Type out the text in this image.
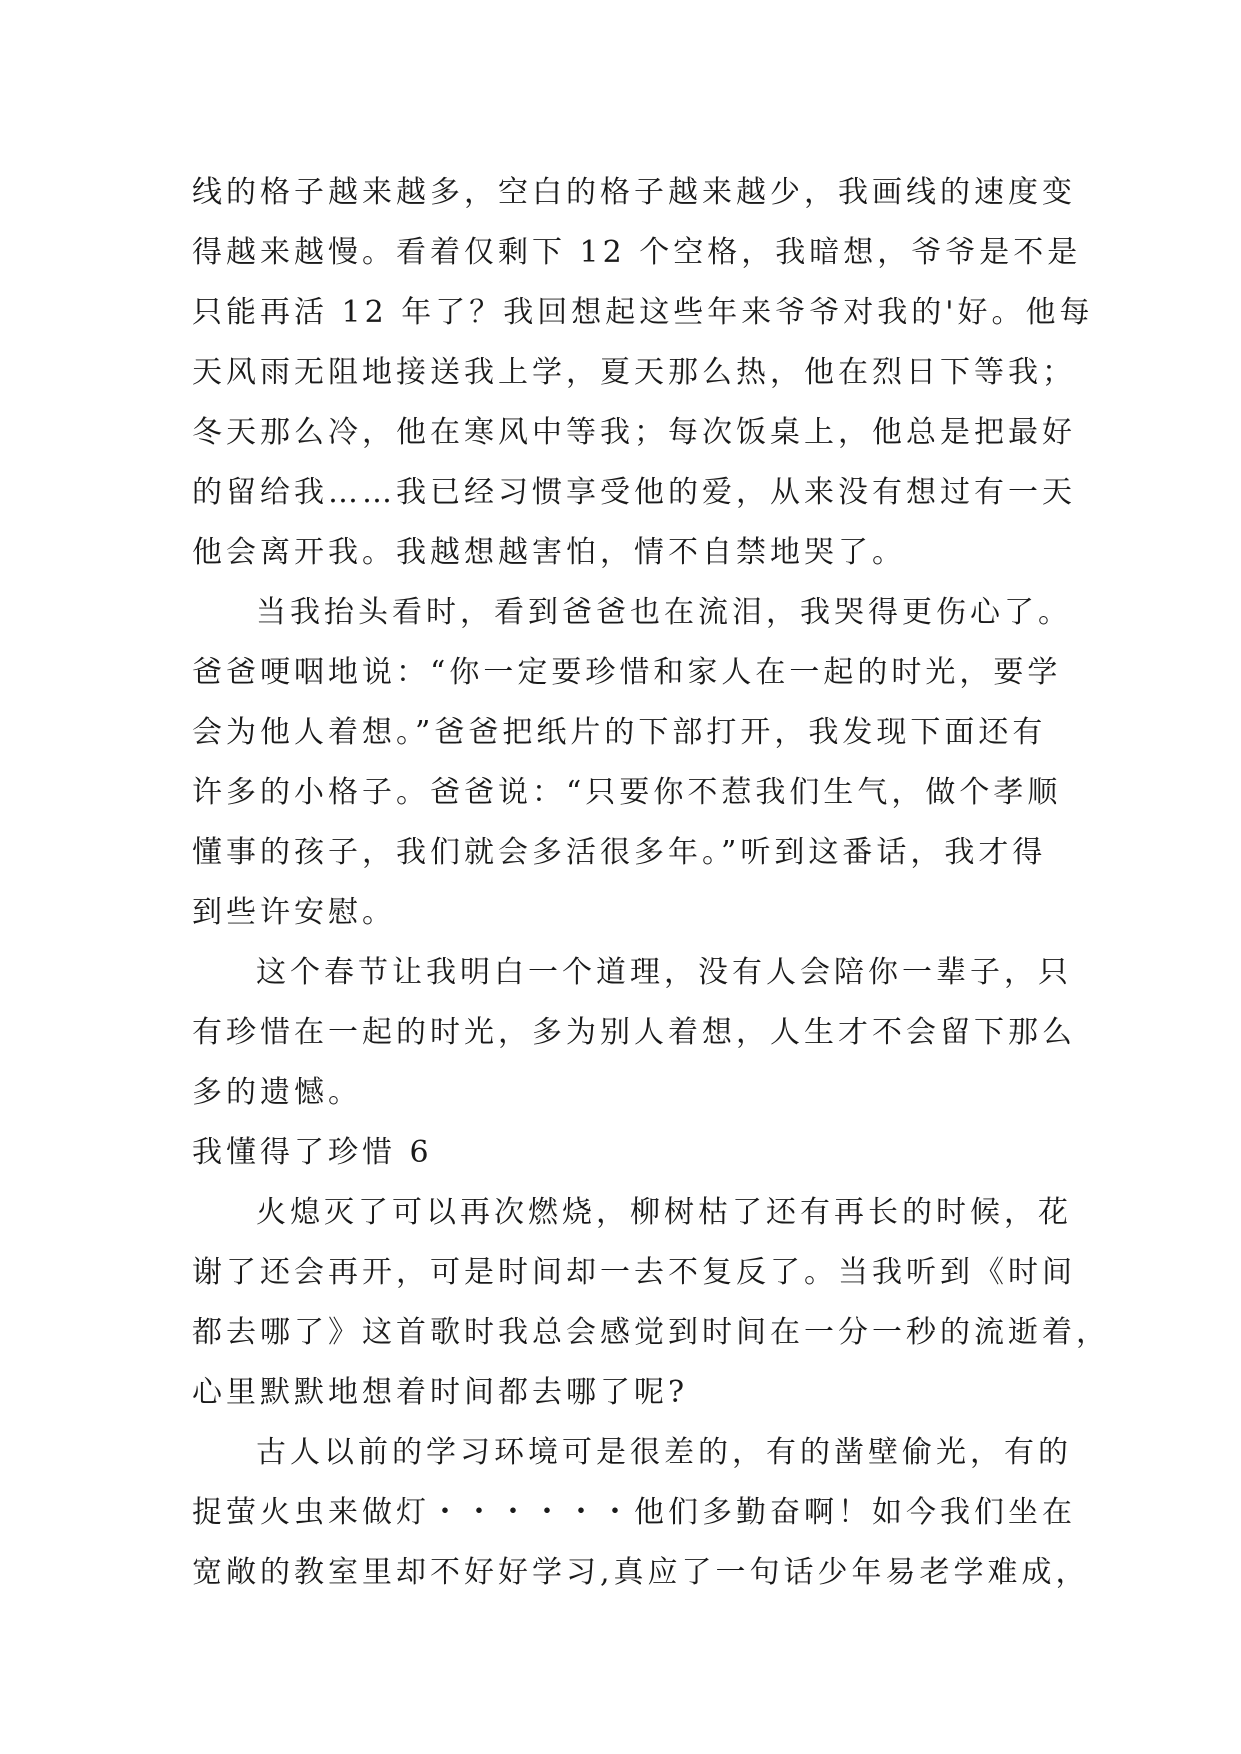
线的格子越来越多，空白的格子越来越少，我画线的速度变
得越来越慢。看着仅剩下 12 个空格，我暗想，爷爷是不是
只能再活 12 年了？我回想起这些年来爷爷对我的'好。他每
天风雨无阻地接送我上学，夏天那么热，他在烈日下等我；
冬天那么冷，他在寒风中等我；每次饭桌上，他总是把最好
的留给我……我已经习惯享受他的爱，从来没有想过有一天
他会离开我。我越想越害怕，情不自禁地哭了。
当我抬头看时，看到爸爸也在流泪，我哭得更伤心了。
爸爸哽咽地说：“你一定要珍惜和家人在一起的时光，要学
会为他人着想。”爸爸把纸片的下部打开，我发现下面还有
许多的小格子。爸爸说：“只要你不惹我们生气，做个孝顺
懂事的孩子，我们就会多活很多年。”听到这番话，我才得
到些许安慰。
这个春节让我明白一个道理，没有人会陪你一辈子，只
有珍惜在一起的时光，多为别人着想，人生才不会留下那么
多的遗憾。
我懂得了珍惜 6
火熄灭了可以再次燃烧，柳树枯了还有再长的时候，花
谢了还会再开，可是时间却一去不复反了。当我听到《时间
都去哪了》这首歌时我总会感觉到时间在一分一秒的流逝着，
心里默默地想着时间都去哪了呢?
古人以前的学习环境可是很差的，有的凿壁偷光，有的
捉萤火虫来做灯・・・・・・他们多勤奋啊！如今我们坐在
宽敞的教室里却不好好学习,真应了一句话少年易老学难成，
